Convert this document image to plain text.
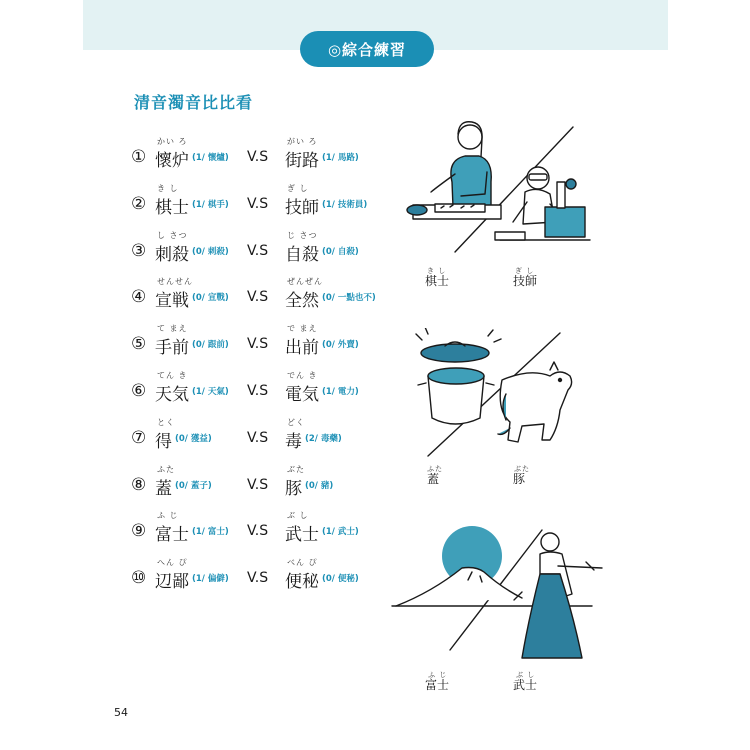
◎綜合練習
清音濁音比比看
①
かい ろ
懷炉 (1/ 懷爐) V.S
がい ろ
街路 (1/ 馬路)
②
き し
棋士 (1/ 棋手) V.S
ぎ し
技師 (1/ 技術員)
③
し さつ
刺殺 (0/ 刺殺) V.S
じ さつ
自殺 (0/ 自殺)
④
せんせん
宣戦 (0/ 宣戰) V.S
ぜんぜん
全然 (0/ 一點也不)
⑤
て まえ
手前 (0/ 跟前) V.S
で まえ
出前 (0/ 外賣)
⑥
てん き
天気 (1/ 天氣) V.S
でん き
電気 (1/ 電力)
⑦
とく
得 (0/ 獲益)	V.S
どく
毒 (2/ 毒藥)
⑧
ふた
蓋 (0/ 蓋子)	V.S
ぶた
豚 (0/ 豬)
⑨
ふ じ
富士 (1/ 富士) V.S
ぶ し
武士 (1/ 武士)
⑩
へん ぴ
辺鄙 (1/ 偏僻) V.S
べん ぴ
便秘 (0/ 便秘)
き し
棋士
ぎ し
技師
ふた
蓋
ぶた
豚
ふ じ
富士
ぶ し
武士
54
